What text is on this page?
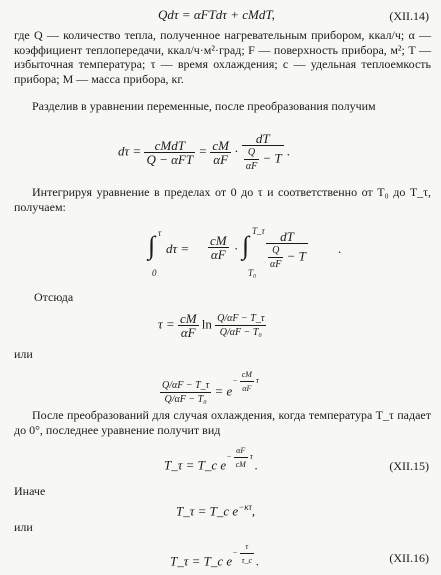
Qdτ = αFTdτ + cMdT,	(XII.14)
где Q — количество тепла, полученное нагревательным прибором, ккал/ч; α — коэффициент теплопередачи, ккал/ч·м²·град; F — поверхность прибора, м²; T — избыточная температура; τ — время охлаждения; c — удельная теплоемкость прибора; M — масса прибора, кг.
Разделив в уравнении переменные, после преобразования получим
$d\tau = \frac{\text{cMdT}}{\text{Q − αFT}} = \frac{cM}{\alpha F} \cdot \frac{dT}{\frac{Q}{\alpha F} - T}$ .
Интегрируя уравнение в пределах от 0 до τ и соответственно от T₀ до T_τ, получаем:
∫ τ
0
$d\tau = \frac{cM}{\alpha F}$ · ∫ T_τ
T₀
dT
$\frac{Q}{\alpha F} - T$ .
Отсюда
$\tau = \frac{cM}{\alpha F}$ $\ln \frac{Q/\alpha F - T\_\tau}{\text{Q/αF − T₀}}$
или
$\frac{Q/\alpha F - T\_\tau}{\text{Q/αF − T₀}} = e^{- \frac{cM}{\alpha F} \tau}$
После преобразований для случая охлаждения, когда температура T_τ падает до 0°, последнее уравнение получит вид
T_τ = T_c $e^{- \frac{\alpha F}{cM} \tau}$ .	(XII.15)
Иначе
T_τ = T_c $e^{-\kappa\tau}$,
или
T_τ = T_c $e^{- \frac{\tau}{\tau\_c}}$ .	(XII.16)
